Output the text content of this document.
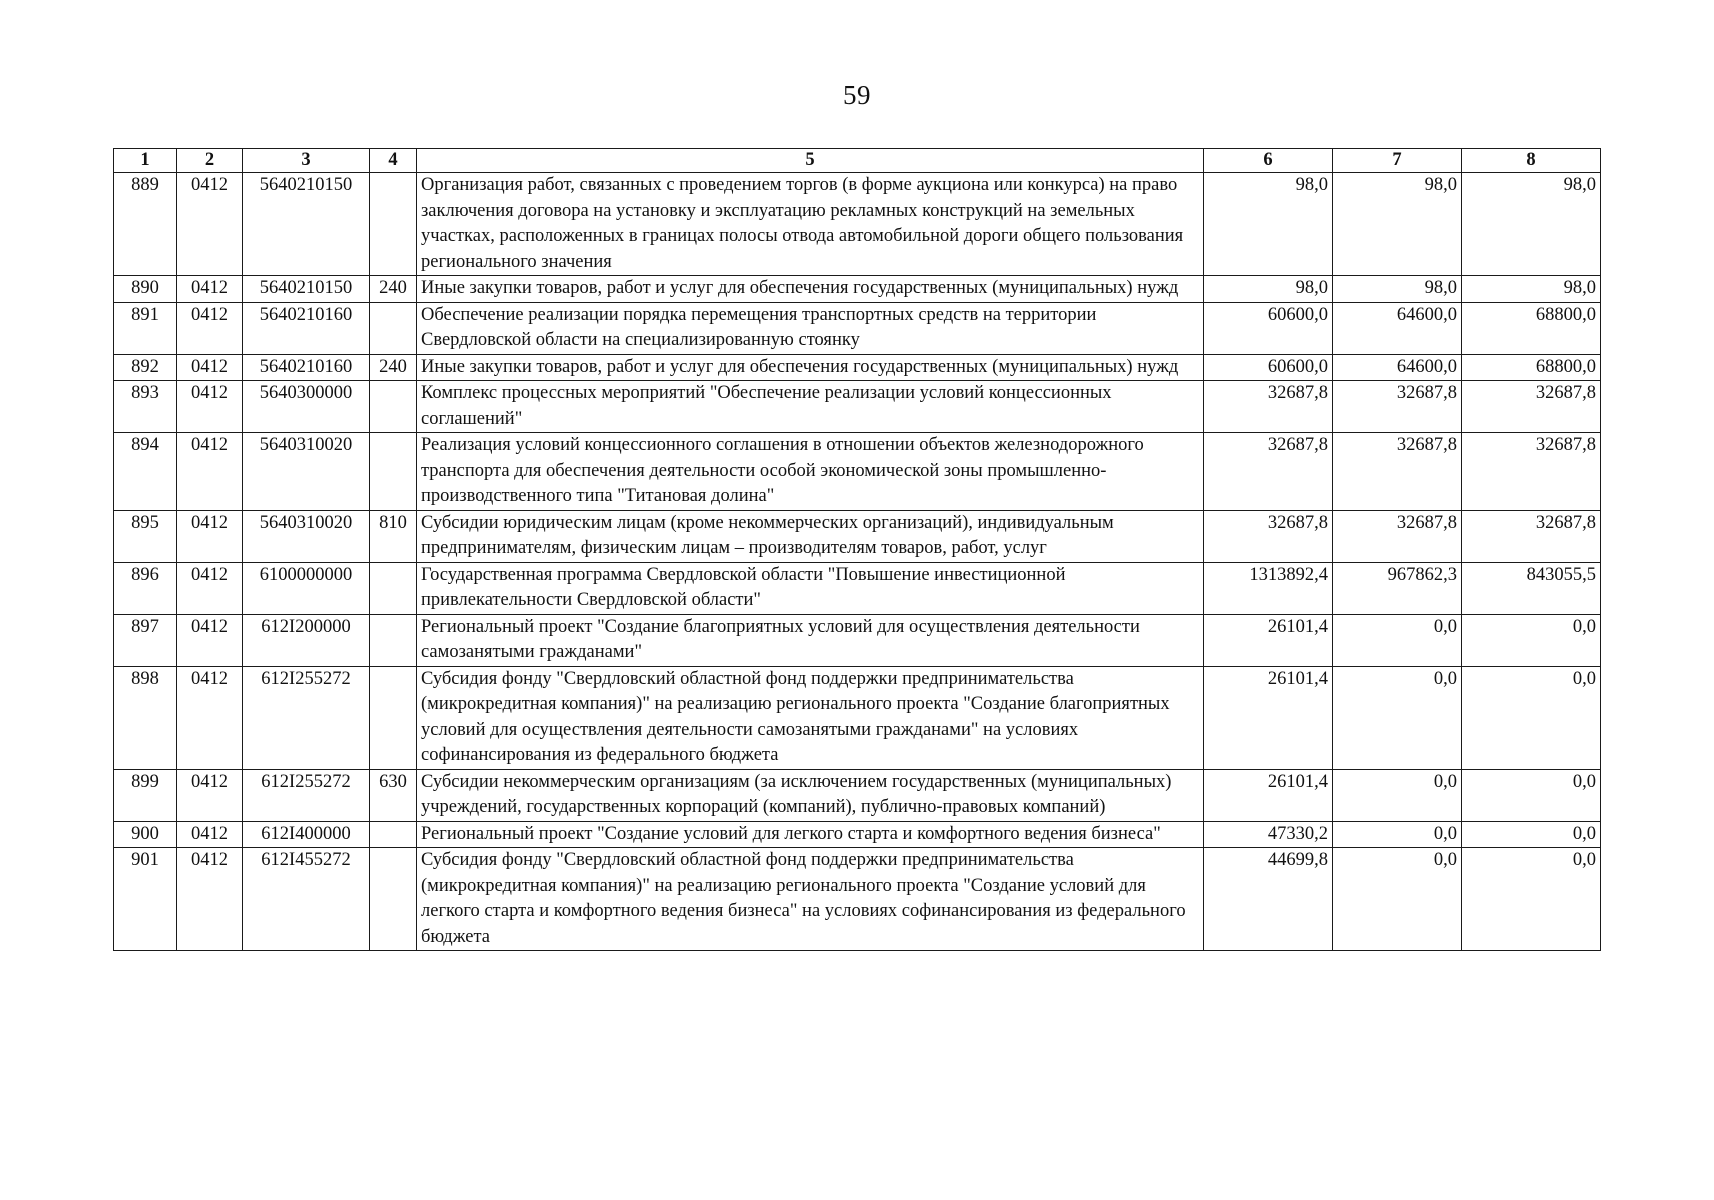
59
1	2	3	4	5	6	7	8
889	0412	5640210150		Организация работ, связанных с проведением торгов (в форме аукциона или конкурса) на право заключения договора на установку и эксплуатацию рекламных конструкций на земельных участках, расположенных в границах полосы отвода автомобильной дороги общего пользования регионального значения	98,0	98,0	98,0
890	0412	5640210150	240	Иные закупки товаров, работ и услуг для обеспечения государственных (муниципальных) нужд	98,0	98,0	98,0
891	0412	5640210160		Обеспечение реализации порядка перемещения транспортных средств на территории Свердловской области на специализированную стоянку	60600,0	64600,0	68800,0
892	0412	5640210160	240	Иные закупки товаров, работ и услуг для обеспечения государственных (муниципальных) нужд	60600,0	64600,0	68800,0
893	0412	5640300000		Комплекс процессных мероприятий "Обеспечение реализации условий концессионных соглашений"	32687,8	32687,8	32687,8
894	0412	5640310020		Реализация условий концессионного соглашения в отношении объектов железнодорожного транспорта для обеспечения деятельности особой экономической зоны промышленно-производственного типа "Титановая долина"	32687,8	32687,8	32687,8
895	0412	5640310020	810	Субсидии юридическим лицам (кроме некоммерческих организаций), индивидуальным предпринимателям, физическим лицам – производителям товаров, работ, услуг	32687,8	32687,8	32687,8
896	0412	6100000000		Государственная программа Свердловской области "Повышение инвестиционной привлекательности Свердловской области"	1313892,4	967862,3	843055,5
897	0412	612I200000		Региональный проект "Создание благоприятных условий для осуществления деятельности самозанятыми гражданами"	26101,4	0,0	0,0
898	0412	612I255272		Субсидия фонду "Свердловский областной фонд поддержки предпринимательства (микрокредитная компания)" на реализацию регионального проекта "Создание благоприятных условий для осуществления деятельности самозанятыми гражданами" на условиях софинансирования из федерального бюджета	26101,4	0,0	0,0
899	0412	612I255272	630	Субсидии некоммерческим организациям (за исключением государственных (муниципальных) учреждений, государственных корпораций (компаний), публично-правовых компаний)	26101,4	0,0	0,0
900	0412	612I400000		Региональный проект "Создание условий для легкого старта и комфортного ведения бизнеса"	47330,2	0,0	0,0
901	0412	612I455272		Субсидия фонду "Свердловский областной фонд поддержки предпринимательства (микрокредитная компания)" на реализацию регионального проекта "Создание условий для легкого старта и комфортного ведения бизнеса" на условиях софинансирования из федерального бюджета	44699,8	0,0	0,0
